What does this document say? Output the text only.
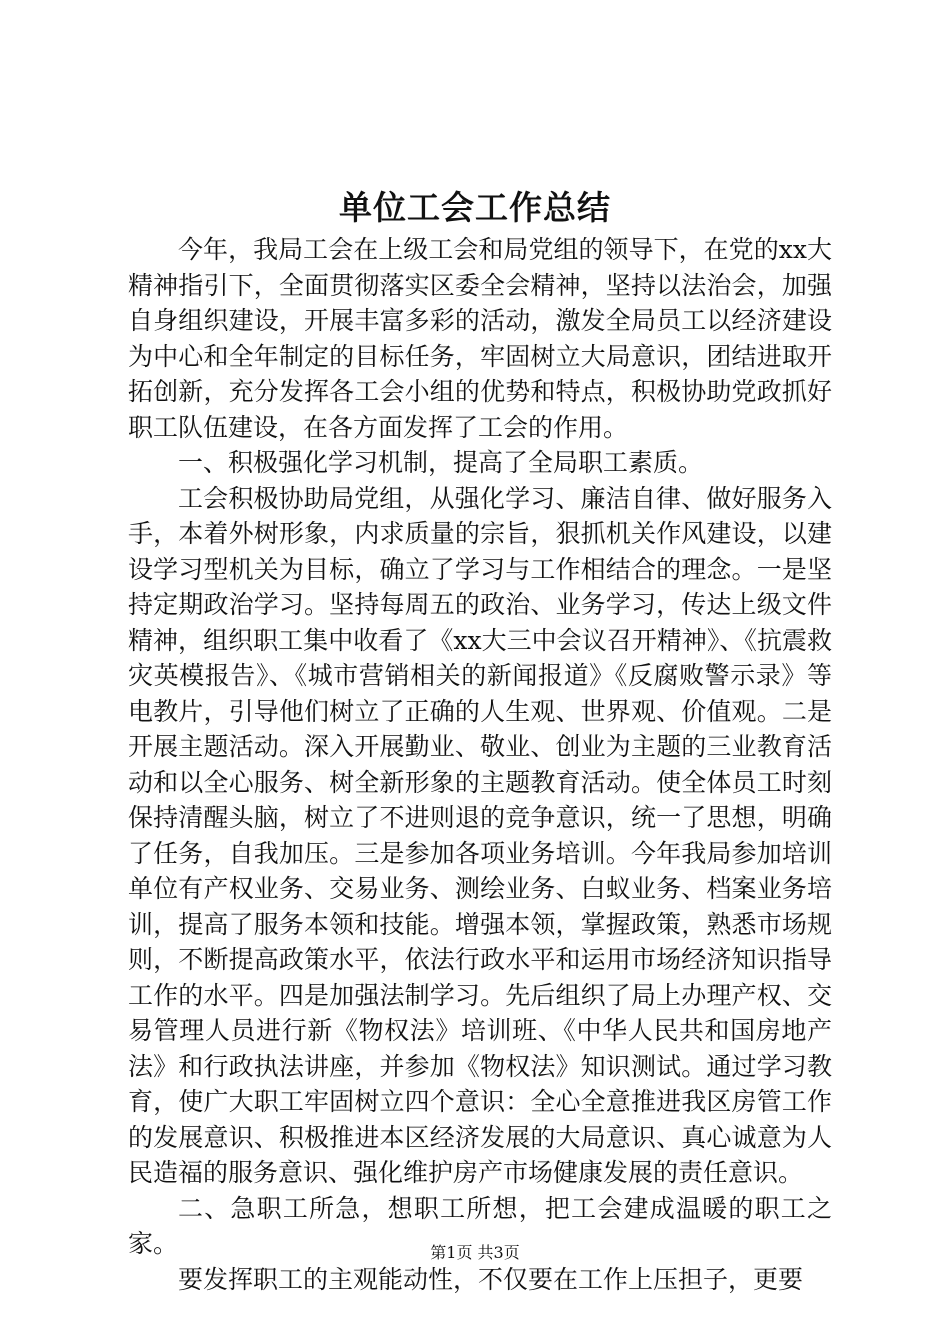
单位工会工作总结

今年，我局工会在上级工会和局党组的领导下，在党的xx大精神指引下，全面贯彻落实区委全会精神，坚持以法治会，加强自身组织建设，开展丰富多彩的活动，激发全局员工以经济建设为中心和全年制定的目标任务，牢固树立大局意识，团结进取开拓创新，充分发挥各工会小组的优势和特点，积极协助党政抓好职工队伍建设，在各方面发挥了工会的作用。

一、积极强化学习机制，提高了全局职工素质。

工会积极协助局党组，从强化学习、廉洁自律、做好服务入手，本着外树形象，内求质量的宗旨，狠抓机关作风建设，以建设学习型机关为目标，确立了学习与工作相结合的理念。一是坚持定期政治学习。坚持每周五的政治、业务学习，传达上级文件精神，组织职工集中收看了《xx大三中会议召开精神》、《抗震救灾英模报告》、《城市营销相关的新闻报道》《反腐败警示录》等电教片，引导他们树立了正确的人生观、世界观、价值观。二是开展主题活动。深入开展勤业、敬业、创业为主题的三业教育活动和以全心服务、树全新形象的主题教育活动。使全体员工时刻保持清醒头脑，树立了不进则退的竞争意识，统一了思想，明确了任务，自我加压。三是参加各项业务培训。今年我局参加培训单位有产权业务、交易业务、测绘业务、白蚁业务、档案业务培训，提高了服务本领和技能。增强本领，掌握政策，熟悉市场规则，不断提高政策水平，依法行政水平和运用市场经济知识指导工作的水平。四是加强法制学习。先后组织了局上办理产权、交易管理人员进行新《物权法》培训班、《中华人民共和国房地产法》和行政执法讲座，并参加《物权法》知识测试。通过学习教育，使广大职工牢固树立四个意识：全心全意推进我区房管工作的发展意识、积极推进本区经济发展的大局意识、真心诚意为人民造福的服务意识、强化维护房产市场健康发展的责任意识。

二、急职工所急，想职工所想，把工会建成温暖的职工之家。

要发挥职工的主观能动性，不仅要在工作上压担子，更要

第1页 共3页
